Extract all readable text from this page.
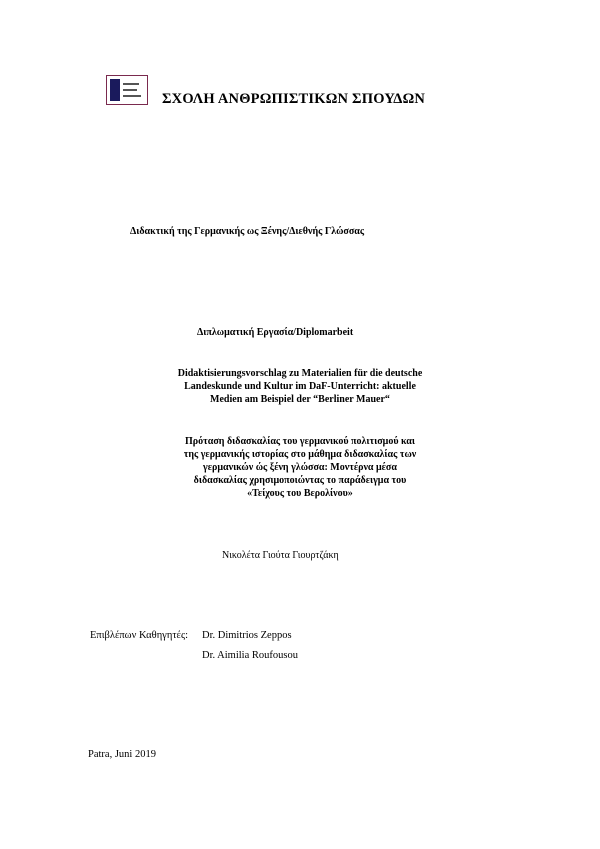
ΣΧΟΛΗ ΑΝΘΡΩΠΙΣΤΙΚΩΝ ΣΠΟΥΔΩΝ
Διδακτική της Γερμανικής ως Ξένης/Διεθνής Γλώσσας
Διπλωματική Εργασία/Diplomarbeit
Didaktisierungsvorschlag zu Materialien für die deutsche
Landeskunde und Kultur im DaF-Unterricht: aktuelle
Medien am Beispiel der “Berliner Mauer“
Πρόταση διδασκαλίας του γερμανικού πολιτισμού και
της γερμανικής ιστορίας στο μάθημα διδασκαλίας των
γερμανικών ώς ξένη γλώσσα: Μοντέρνα μέσα
διδασκαλίας χρησιμοποιώντας το παράδειγμα του
«Τείχους του Βερολίνου»
Νικολέτα Γιούτα Γιουρτζάκη
Επιβλέπων Καθηγητές: Dr. Dimitrios Zeppos
Dr. Aimilia Roufousou
Patra, Juni 2019
